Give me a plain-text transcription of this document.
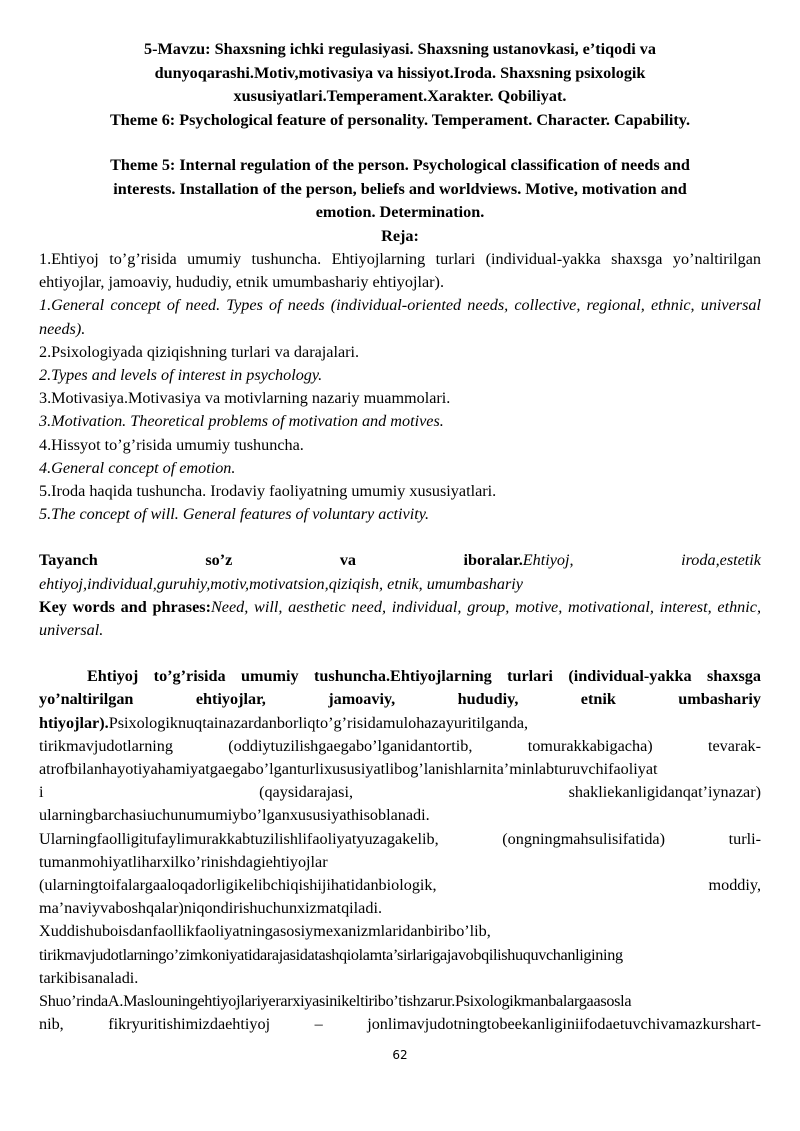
5-Mavzu: Shaxsning ichki regulasiyasi. Shaxsning ustanovkasi, e’tiqodi va

dunyoqarashi.Motiv,motivasiya va hissiyot.Iroda. Shaxsning psixologik

xususiyatlari.Temperament.Xarakter. Qobiliyat.

Theme 6: Psychological feature of personality. Temperament. Character. Capability.

Theme 5: Internal regulation of the person. Psychological classification of needs and

interests. Installation of the person, beliefs and worldviews. Motive, motivation and

emotion. Determination.

Reja:

1.Ehtiyoj to’g’risida umumiy tushuncha. Ehtiyojlarning turlari (individual-yakka shaxsga yo’naltirilgan ehtiyojlar, jamoaviy, hududiy, etnik umumbashariy ehtiyojlar).

1.General concept of need. Types of needs (individual-oriented needs, collective, regional, ethnic, universal needs).

2.Psixologiyada qiziqishning turlari va darajalari.

2.Types and levels of interest in psychology.

3.Motivasiya.Motivasiya va motivlarning nazariy muammolari.

3.Motivation. Theoretical problems of motivation and motives.

4.Hissyot to’g’risida umumiy tushuncha.

4.General concept of emotion.

5.Iroda haqida tushuncha. Irodaviy faoliyatning umumiy xususiyatlari.

5.The concept of will. General features of voluntary activity.

Tayanch	so’z	va	iboralar.Ehtiyoj,	iroda,estetik

ehtiyoj,individual,guruhiy,motiv,motivatsion,qiziqish, etnik, umumbashariy

Key words and phrases:Need, will, aesthetic need, individual, group, motive, motivational, interest, ethnic, universal.

Ehtiyoj to’g’risida umumiy tushuncha.Ehtiyojlarning turlari (individual-yakka shaxsga yo’naltirilgan ehtiyojlar, jamoaviy, hududiy, etnik umbashariy htiyojlar).Psixologiknuqtainazardanborliqto’g’risidamulohazayuritilganda,

tirikmavjudotlarning (oddiytuzilishgaegabo’lganidantortib, tomurakkabigacha) tevarak-

atrofbilanhayotiyahamiyatgaegabo’lganturlixususiyatlibog’lanishlarnita’minlabturuvchifaoliyat

i	(qaysidarajasi,	shakliekanligidanqat’iynazar)

ularningbarchasiuchunumumiybo’lganxususiyathisoblanadi.

Ularningfaolligitufaylimurakkabtuzilishlifaoliyatyuzagakelib, (ongningmahsulisifatida) turli-

tumanmohiyatliharxilko’rinishdagiehtiyojlar

(ularningtoifalargaaloqadorligikelibchiqishijihatidanbiologik,	moddiy,

ma’naviyvaboshqalar)niqondirishuchunxizmatqiladi.

Xuddishuboisdanfaollikfaoliyatningasosiymexanizmlaridanbiribo’lib,

tirikmavjudotlarningo’zimkoniyatidarajasidatashqiolamta’sirlarigajavobqilishuquvchanligining

tarkibisanaladi.

Shuo’rindaA.Maslouningehtiyojlariyerarxiyasinikeltiribo’tishzarur.Psixologikmanbalargaasosla

nib, fikryuritishimizdaehtiyoj – jonlimavjudotningtobeekanliginiifodaetuvchivamazkurshart-

62
